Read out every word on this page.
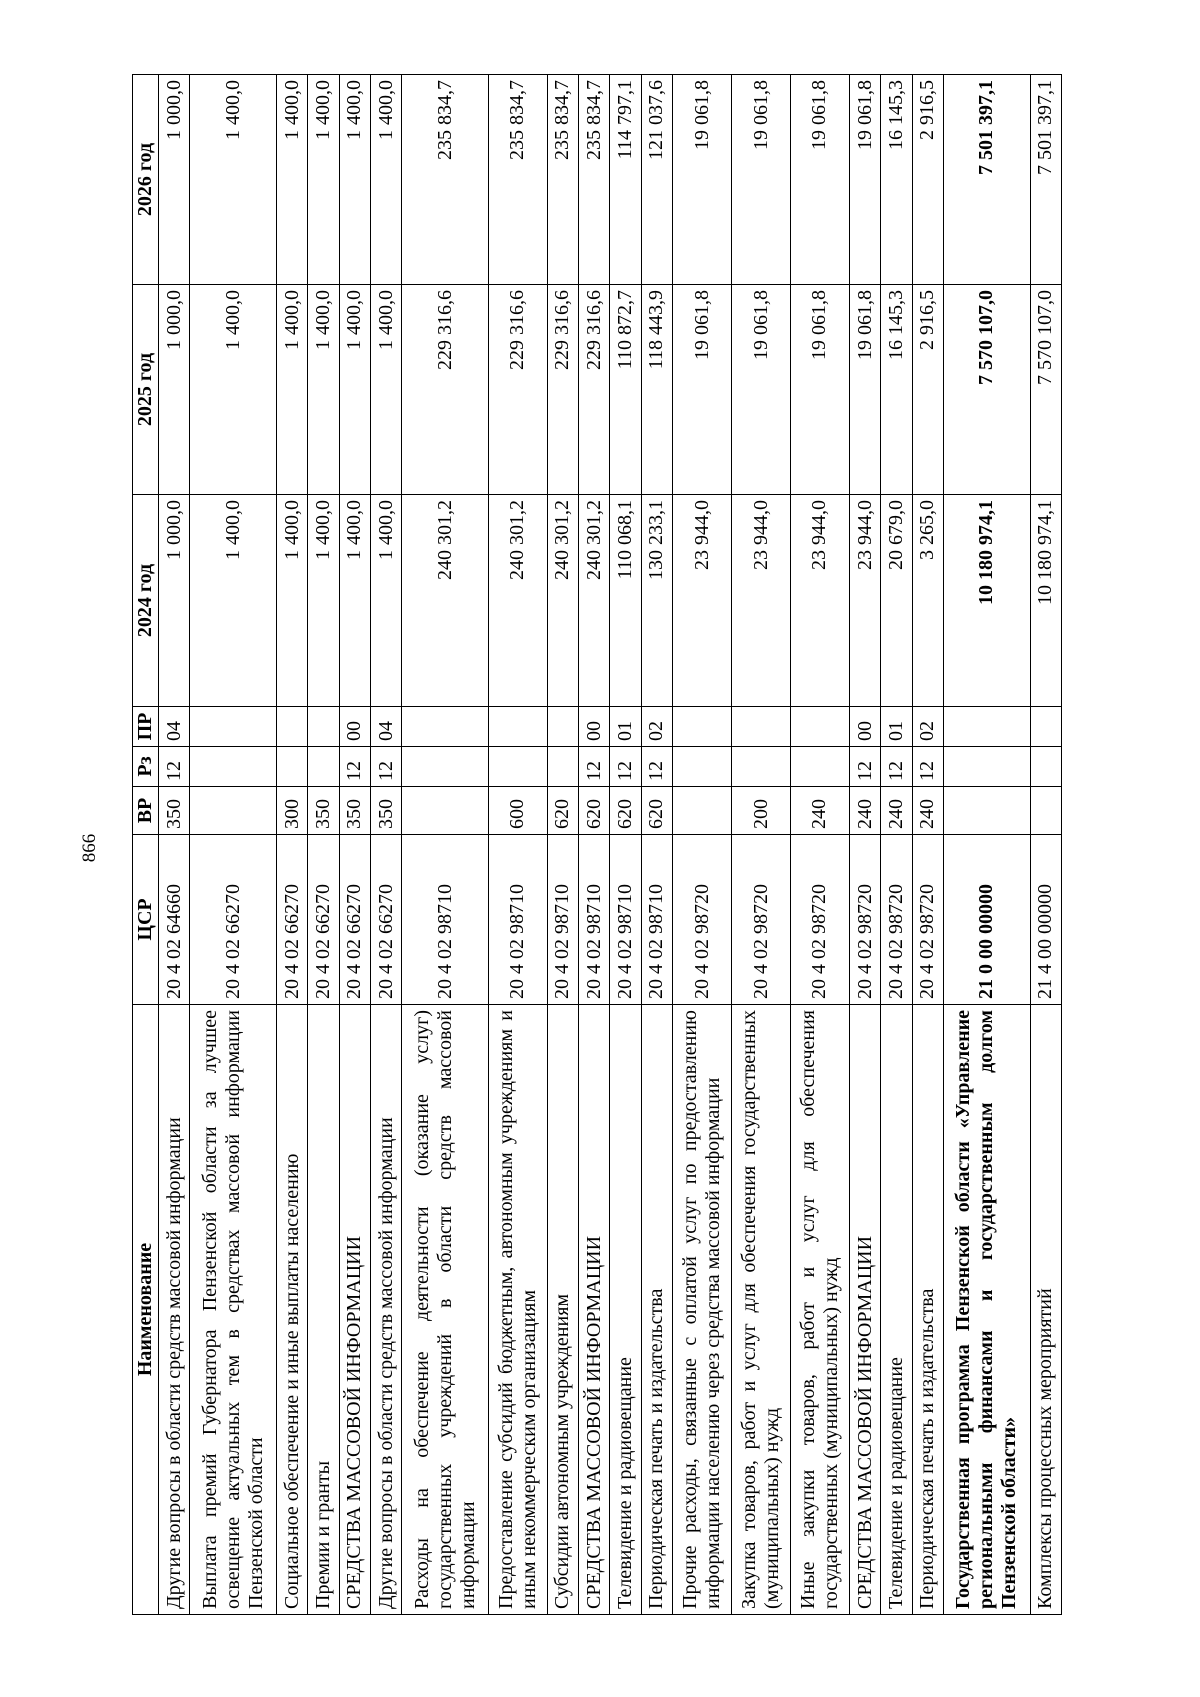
866
Наименование	ЦСР	ВР	Рз	ПР	2024 год	2025 год	2026 год
Другие вопросы в области средств массовой информации	20 4 02 64660	350	12	04	1 000,0	1 000,0	1 000,0
Выплата премий Губернатора Пензенской области за лучшее освещение актуальных тем в средствах массовой информации Пензенской области	20 4 02 66270				1 400,0	1 400,0	1 400,0
Социальное обеспечение и иные выплаты населению	20 4 02 66270	300			1 400,0	1 400,0	1 400,0
Премии и гранты	20 4 02 66270	350			1 400,0	1 400,0	1 400,0
СРЕДСТВА МАССОВОЙ ИНФОРМАЦИИ	20 4 02 66270	350	12	00	1 400,0	1 400,0	1 400,0
Другие вопросы в области средств массовой информации	20 4 02 66270	350	12	04	1 400,0	1 400,0	1 400,0
Расходы на обеспечение деятельности (оказание услуг) государственных учреждений в области средств массовой информации	20 4 02 98710				240 301,2	229 316,6	235 834,7
Предоставление субсидий бюджетным, автономным учреждениям и иным некоммерческим организациям	20 4 02 98710	600			240 301,2	229 316,6	235 834,7
Субсидии автономным учреждениям	20 4 02 98710	620			240 301,2	229 316,6	235 834,7
СРЕДСТВА МАССОВОЙ ИНФОРМАЦИИ	20 4 02 98710	620	12	00	240 301,2	229 316,6	235 834,7
Телевидение и радиовещание	20 4 02 98710	620	12	01	110 068,1	110 872,7	114 797,1
Периодическая печать и издательства	20 4 02 98710	620	12	02	130 233,1	118 443,9	121 037,6
Прочие расходы, связанные с оплатой услуг по предоставлению информации населению через средства массовой информации	20 4 02 98720				23 944,0	19 061,8	19 061,8
Закупка товаров, работ и услуг для обеспечения государственных (муниципальных) нужд	20 4 02 98720	200			23 944,0	19 061,8	19 061,8
Иные закупки товаров, работ и услуг для обеспечения государственных (муниципальных) нужд	20 4 02 98720	240			23 944,0	19 061,8	19 061,8
СРЕДСТВА МАССОВОЙ ИНФОРМАЦИИ	20 4 02 98720	240	12	00	23 944,0	19 061,8	19 061,8
Телевидение и радиовещание	20 4 02 98720	240	12	01	20 679,0	16 145,3	16 145,3
Периодическая печать и издательства	20 4 02 98720	240	12	02	3 265,0	2 916,5	2 916,5
Государственная программа Пензенской области «Управление региональными финансами и государственным долгом Пензенской области»	21 0 00 00000				10 180 974,1	7 570 107,0	7 501 397,1
Комплексы процессных мероприятий	21 4 00 00000				10 180 974,1	7 570 107,0	7 501 397,1
